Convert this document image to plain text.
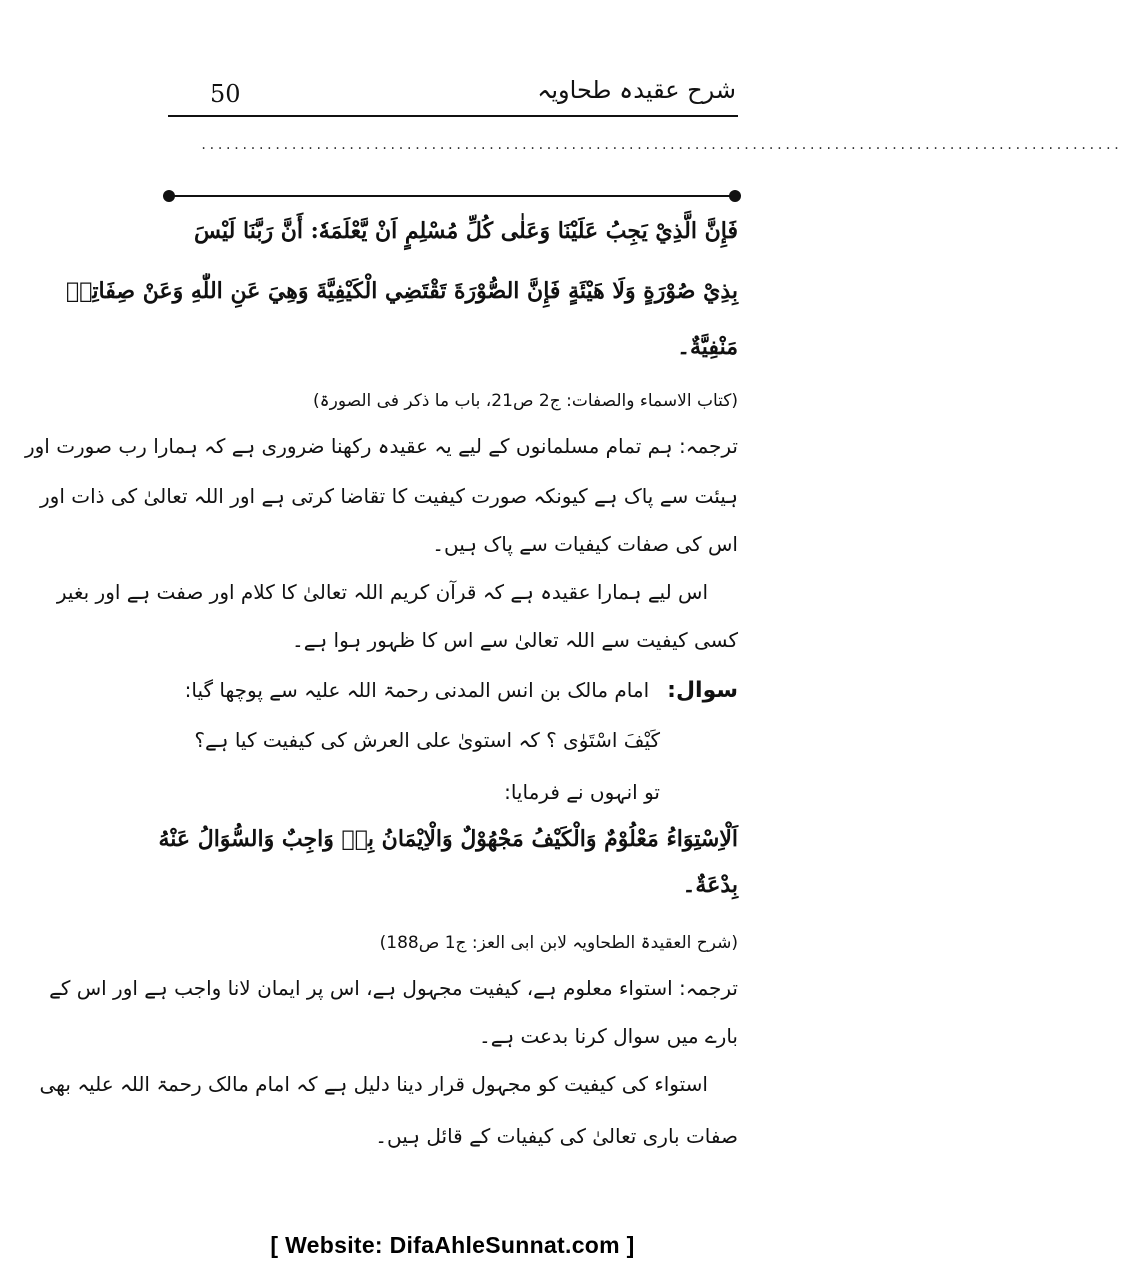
50	شرح عقیدہ طحاویہ
................................................................................................................
فَإِنَّ الَّذِيْ يَجِبُ عَلَيْنَا وَعَلٰى كُلِّ مُسْلِمٍ اَنْ يَّعْلَمَهٗ: أَنَّ رَبَّنَا لَيْسَ
بِذِيْ صُوْرَةٍ وَلَا هَيْئَةٍ فَإِنَّ الصُّوْرَةَ تَقْتَضِي الْكَيْفِيَّةَ وَهِيَ عَنِ اللّٰهِ وَعَنْ صِفَاتِهٖ
مَنْفِيَّةٌ۔
(کتاب الاسماء والصفات: ج2 ص21، باب ما ذکر فی الصورۃ)
ترجمہ: ہم تمام مسلمانوں کے لیے یہ عقیدہ رکھنا ضروری ہے کہ ہمارا رب صورت اور
ہیئت سے پاک ہے کیونکہ صورت کیفیت کا تقاضا کرتی ہے اور اللہ تعالیٰ کی ذات اور
اس کی صفات کیفیات سے پاک ہیں۔
اس لیے ہمارا عقیدہ ہے کہ قرآن کریم اللہ تعالیٰ کا کلام اور صفت ہے اور بغیر
کسی کیفیت سے اللہ تعالیٰ سے اس کا ظہور ہوا ہے۔
سوال:امام مالک بن انس المدنی رحمۃ اللہ علیہ سے پوچھا گیا:
كَيْفَ اسْتَوٰى ؟ کہ استویٰ علی العرش کی کیفیت کیا ہے؟
تو انہوں نے فرمایا:
اَلْاِسْتِوَاءُ مَعْلُوْمٌ وَالْكَيْفُ مَجْهُوْلٌ وَالْاِيْمَانُ بِهٖ وَاجِبٌ وَالسُّوَالُ عَنْهُ
بِدْعَةٌ۔
(شرح العقیدۃ الطحاویہ لابن ابی العز: ج1 ص188)
ترجمہ: استواء معلوم ہے، کیفیت مجہول ہے، اس پر ایمان لانا واجب ہے اور اس کے
بارے میں سوال کرنا بدعت ہے۔
استواء کی کیفیت کو مجہول قرار دینا دلیل ہے کہ امام مالک رحمۃ اللہ علیہ بھی
صفات باری تعالیٰ کی کیفیات کے قائل ہیں۔
[ Website: DifaAhleSunnat.com ]
